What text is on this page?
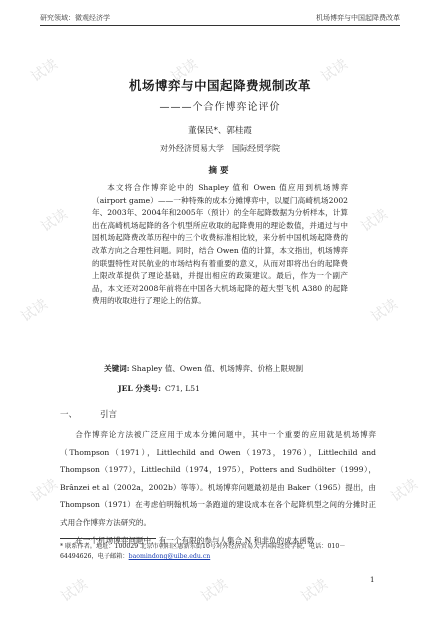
研究领域：微观经济学	机场博弈与中国起降费改革
机场博弈与中国起降费规制改革
———个合作博弈论评价
董保民*、郭桂霞
对外经济贸易大学　国际经贸学院
摘要

本文将合作博弈论中的 Shapley 值和 Owen 值应用到机场博弈（airport game）——一种特殊的成本分摊博弈中，以厦门高崎机场2002年、2003年、2004年和2005年（预计）的全年起降数据为分析样本，计算出在高崎机场起降的各个机型所应收取的起降费用的理论数值，并通过与中国机场起降费改革历程中的三个收费标准相比较，来分析中国机场起降费的改革方向之合理性问题。同时，结合 Owen 值的计算，本文指出，机场博弈的联盟特性对民航业的市场结构有着重要的意义，从而对即将出台的起降费上限改革提供了理论基础，并提出相应的政策建议。最后，作为一个副产品，本文还对2008年前将在中国各大机场起降的超大型飞机 A380 的起降费用的收取进行了理论上的估算。

关键词: Shapley 值、Owen 值、机场博弈、价格上限规制
JEL 分类号: C71, L51
一、	引言

合作博弈论方法被广泛应用于成本分摊问题中，其中一个重要的应用就是机场博弈（Thompson（1971），Littlechild and Owen（1973，1976），Littlechild and Thompson（1977），Littlechild（1974，1975），Potters and Sudhölter（1999），Brânzei et al（2002a，2002b）等等）。机场博弈问题最初是由 Baker（1965）提出，由 Thompson（1971）在考虑伯明翰机场一条跑道的建设成本在各个起降机型之间的分摊时正式用合作博弈方法研究的。

在一个机场博弈问题中，有一个有限的参与人集合 N 和非负的成本函数

* 联系作者。地址：100029 北京市朝阳区惠新东街10号对外经济贸易大学国际经贸学院，电话：010－64494626，电子邮箱：baomindong@uibe.edu.cn
1
试读	试读	试读
试读	试读
试读	试读
试读	试读
试读	试读	试读
